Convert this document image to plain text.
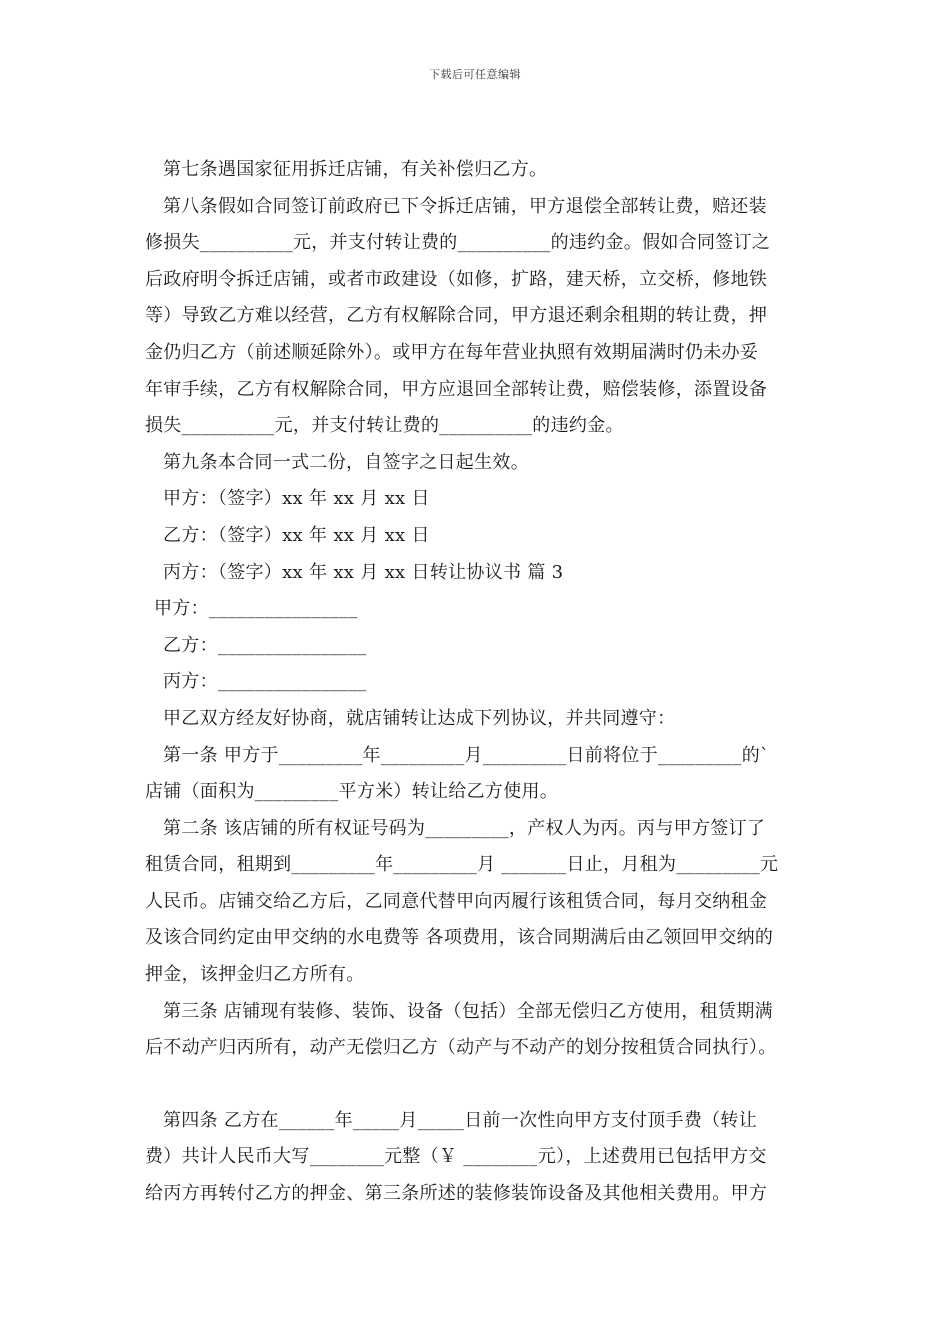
下载后可任意编辑
第七条遇国家征用拆迁店铺，有关补偿归乙方。
第八条假如合同签订前政府已下令拆迁店铺，甲方退偿全部转让费，赔还装
修损失__________元，并支付转让费的__________的违约金。假如合同签订之
后政府明令拆迁店铺，或者市政建设（如修，扩路，建天桥，立交桥，修地铁
等）导致乙方难以经营，乙方有权解除合同，甲方退还剩余租期的转让费，押
金仍归乙方（前述顺延除外）。或甲方在每年营业执照有效期届满时仍未办妥
年审手续，乙方有权解除合同，甲方应退回全部转让费，赔偿装修，添置设备
损失__________元，并支付转让费的__________的违约金。
第九条本合同一式二份，自签字之日起生效。
甲方：（签字）xx 年 xx 月 xx 日
乙方：（签字）xx 年 xx 月 xx 日
丙方：（签字）xx 年 xx 月 xx 日转让协议书 篇 3
甲方：________________
乙方：________________
丙方：________________
甲乙双方经友好协商，就店铺转让达成下列协议，并共同遵守：
第一条 甲方于_________年_________月_________日前将位于_________的`
店铺（面积为_________平方米）转让给乙方使用。
第二条 该店铺的所有权证号码为_________，产权人为丙。丙与甲方签订了
租赁合同，租期到_________年_________月 _______日止，月租为_________元
人民币。店铺交给乙方后，乙同意代替甲向丙履行该租赁合同，每月交纳租金
及该合同约定由甲交纳的水电费等 各项费用，该合同期满后由乙领回甲交纳的
押金，该押金归乙方所有。
第三条 店铺现有装修、装饰、设备（包括）全部无偿归乙方使用，租赁期满
后不动产归丙所有，动产无偿归乙方（动产与不动产的划分按租赁合同执行）。
第四条 乙方在______年_____月_____日前一次性向甲方支付顶手费（转让
费）共计人民币大写________元整（￥ ________元），上述费用已包括甲方交
给丙方再转付乙方的押金、第三条所述的装修装饰设备及其他相关费用。甲方
